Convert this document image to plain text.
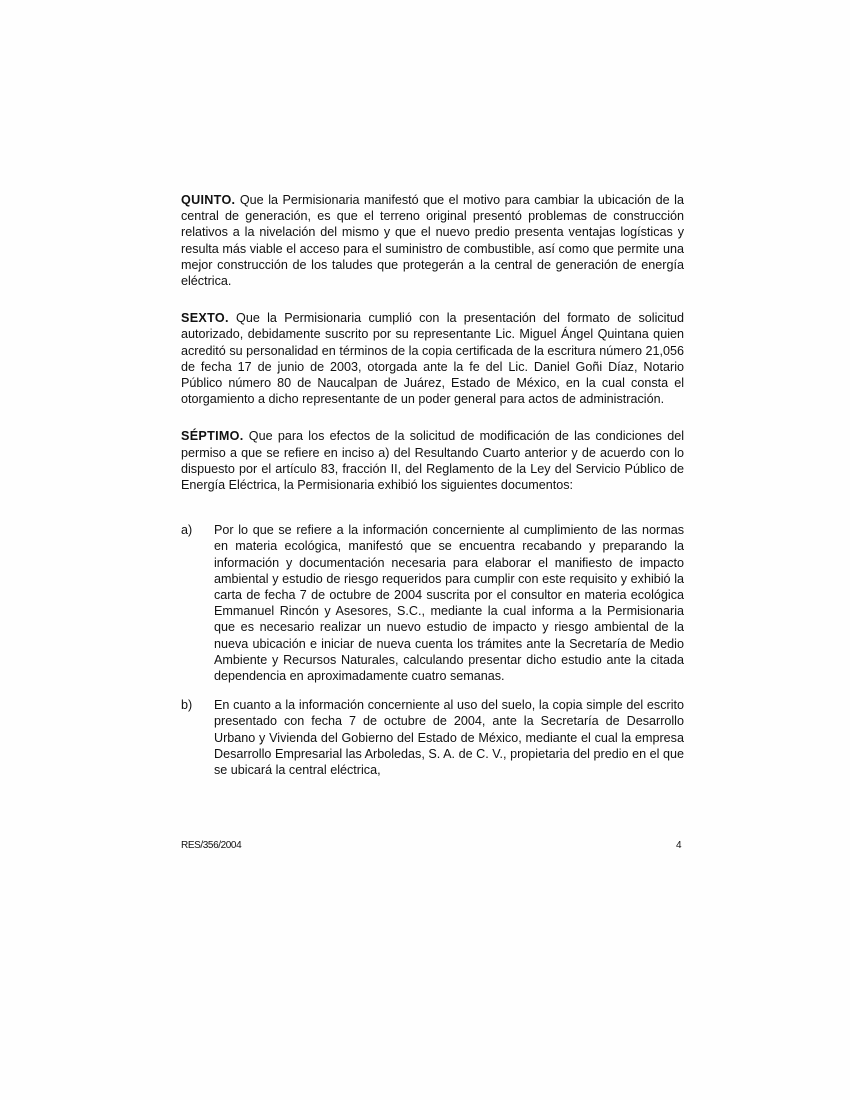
QUINTO. Que la Permisionaria manifestó que el motivo para cambiar la ubicación de la central de generación, es que el terreno original presentó problemas de construcción relativos a la nivelación del mismo y que el nuevo predio presenta ventajas logísticas y resulta más viable el acceso para el suministro de combustible, así como que permite una mejor construcción de los taludes que protegerán a la central de generación de energía eléctrica.

SEXTO. Que la Permisionaria cumplió con la presentación del formato de solicitud autorizado, debidamente suscrito por su representante Lic. Miguel Ángel Quintana quien acreditó su personalidad en términos de la copia certificada de la escritura número 21,056 de fecha 17 de junio de 2003, otorgada ante la fe del Lic. Daniel Goñi Díaz, Notario Público número 80 de Naucalpan de Juárez, Estado de México, en la cual consta el otorgamiento a dicho representante de un poder general para actos de administración.

SÉPTIMO. Que para los efectos de la solicitud de modificación de las condiciones del permiso a que se refiere en inciso a) del Resultando Cuarto anterior y de acuerdo con lo dispuesto por el artículo 83, fracción II, del Reglamento de la Ley del Servicio Público de Energía Eléctrica, la Permisionaria exhibió los siguientes documentos:

a) Por lo que se refiere a la información concerniente al cumplimiento de las normas en materia ecológica, manifestó que se encuentra recabando y preparando la información y documentación necesaria para elaborar el manifiesto de impacto ambiental y estudio de riesgo requeridos para cumplir con este requisito y exhibió la carta de fecha 7 de octubre de 2004 suscrita por el consultor en materia ecológica Emmanuel Rincón y Asesores, S.C., mediante la cual informa a la Permisionaria que es necesario realizar un nuevo estudio de impacto y riesgo ambiental de la nueva ubicación e iniciar de nueva cuenta los trámites ante la Secretaría de Medio Ambiente y Recursos Naturales, calculando presentar dicho estudio ante la citada dependencia en aproximadamente cuatro semanas.
b) En cuanto a la información concerniente al uso del suelo, la copia simple del escrito presentado con fecha 7 de octubre de 2004, ante la Secretaría de Desarrollo Urbano y Vivienda del Gobierno del Estado de México, mediante el cual la empresa Desarrollo Empresarial las Arboledas, S. A. de C. V., propietaria del predio en el que se ubicará la central eléctrica,
RES/356/2004	4
